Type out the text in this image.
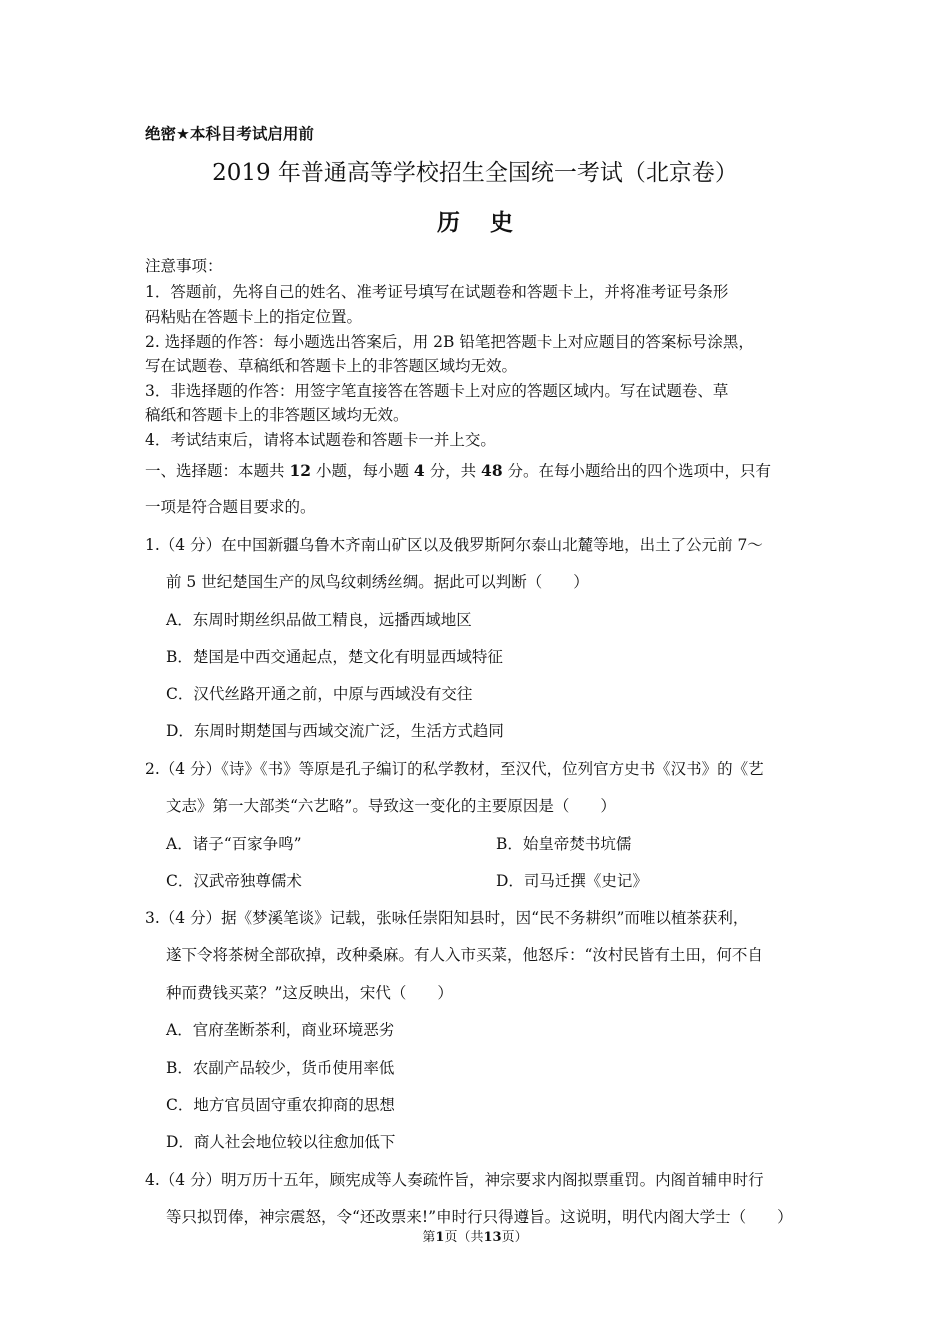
绝密★本科目考试启用前
2019 年普通高等学校招生全国统一考试（北京卷）
历史
注意事项：
1．答题前，先将自己的姓名、准考证号填写在试题卷和答题卡上，并将准考证号条形
码粘贴在答题卡上的指定位置。
2. 选择题的作答：每小题选出答案后，用 2B 铅笔把答题卡上对应题目的答案标号涂黑，
写在试题卷、草稿纸和答题卡上的非答题区域均无效。
3．非选择题的作答：用签字笔直接答在答题卡上对应的答题区域内。写在试题卷、草
稿纸和答题卡上的非答题区域均无效。
4．考试结束后，请将本试题卷和答题卡一并上交。
一、选择题：本题共 12 小题，每小题 4 分，共 48 分。在每小题给出的四个选项中，只有
一项是符合题目要求的。
1.（4 分）在中国新疆乌鲁木齐南山矿区以及俄罗斯阿尔泰山北麓等地，出土了公元前 7～
前 5 世纪楚国生产的凤鸟纹刺绣丝绸。据此可以判断（　　）
A．东周时期丝织品做工精良，远播西域地区
B．楚国是中西交通起点，楚文化有明显西域特征
C．汉代丝路开通之前，中原与西域没有交往
D．东周时期楚国与西域交流广泛，生活方式趋同
2.（4 分）《诗》《书》等原是孔子编订的私学教材，至汉代，位列官方史书《汉书》的《艺
文志》第一大部类“六艺略”。导致这一变化的主要原因是（　　）
A．诸子“百家争鸣”	B．始皇帝焚书坑儒
C．汉武帝独尊儒术	D．司马迁撰《史记》
3.（4 分）据《梦溪笔谈》记载，张咏任崇阳知县时，因“民不务耕织”而唯以植茶获利，
遂下令将茶树全部砍掉，改种桑麻。有人入市买菜，他怒斥：“汝村民皆有土田，何不自
种而费钱买菜？”这反映出，宋代（　　）
A．官府垄断茶利，商业环境恶劣
B．农副产品较少，货币使用率低
C．地方官员固守重农抑商的思想
D．商人社会地位较以往愈加低下
4.（4 分）明万历十五年，顾宪成等人奏疏忤旨，神宗要求内阁拟票重罚。内阁首辅申时行
等只拟罚俸，神宗震怒，令“还改票来!”申时行只得遵旨。这说明，明代内阁大学士（　　）
第1页（共13页）
